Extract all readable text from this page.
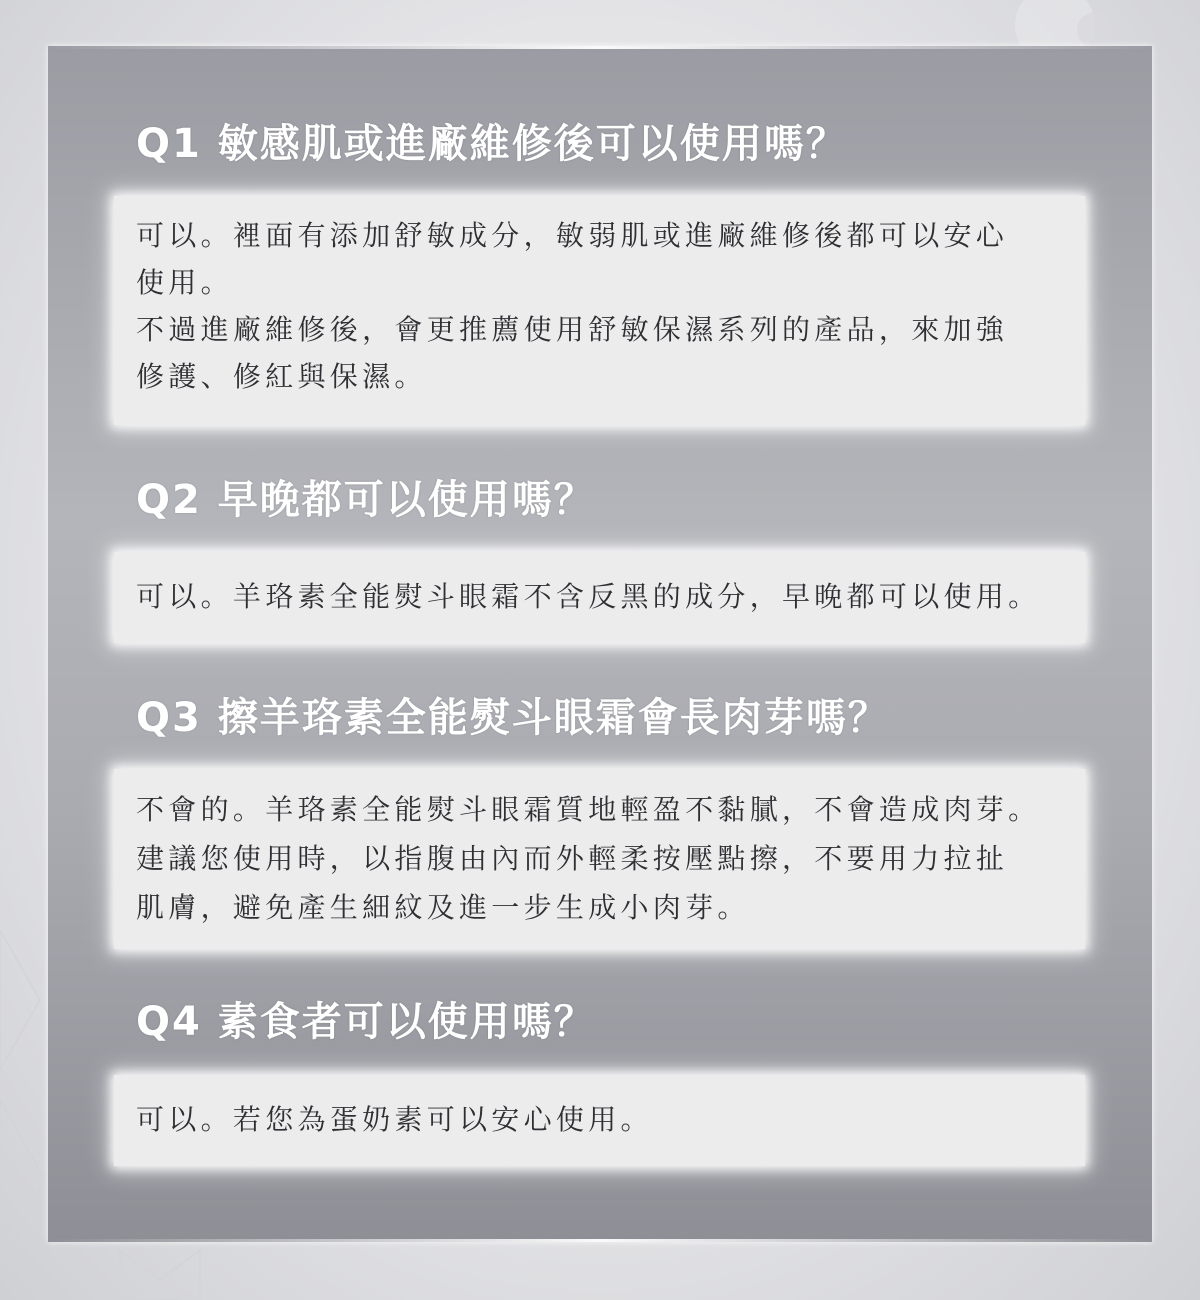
Q1 敏感肌或進廠維修後可以使用嗎？

可以。裡面有添加舒敏成分，敏弱肌或進廠維修後都可以安心

使用。

不過進廠維修後，會更推薦使用舒敏保濕系列的產品，來加強

修護、修紅與保濕。

Q2 早晚都可以使用嗎？

可以。羊珞素全能熨斗眼霜不含反黑的成分，早晚都可以使用。

Q3 擦羊珞素全能熨斗眼霜會長肉芽嗎？

不會的。羊珞素全能熨斗眼霜質地輕盈不黏膩，不會造成肉芽。

建議您使用時，以指腹由內而外輕柔按壓點擦，不要用力拉扯

肌膚，避免產生細紋及進一步生成小肉芽。

Q4 素食者可以使用嗎？

可以。若您為蛋奶素可以安心使用。
